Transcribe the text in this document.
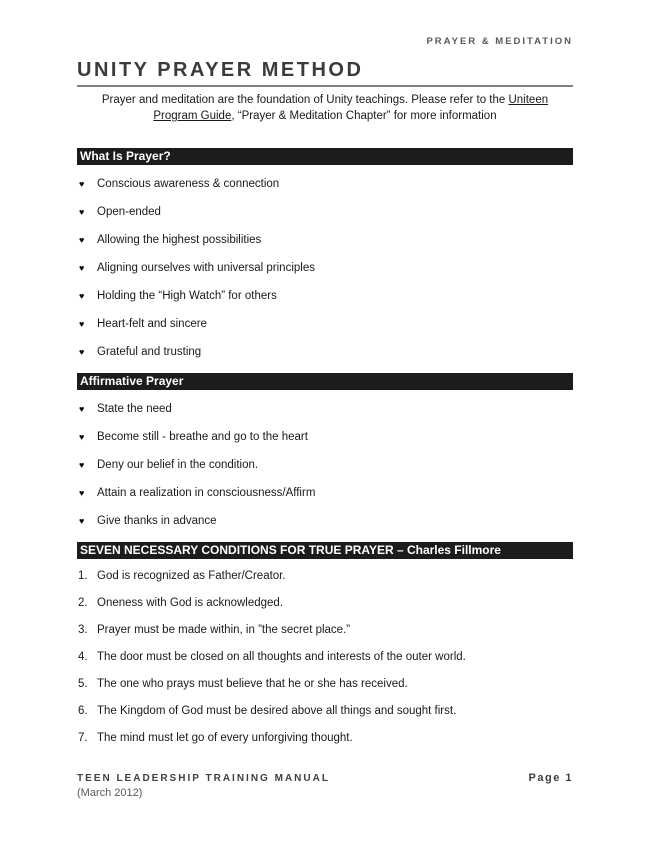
PRAYER & MEDITATION
UNITY PRAYER METHOD

Prayer and meditation are the foundation of Unity teachings. Please refer to the Uniteen Program Guide, “Prayer & Meditation Chapter” for more information

What Is Prayer?
♥	Conscious awareness & connection
♥	Open-ended
♥	Allowing the highest possibilities
♥	Aligning ourselves with universal principles
♥	Holding the “High Watch” for others
♥	Heart-felt and sincere
♥	Grateful and trusting
Affirmative Prayer
♥	State the need
♥	Become still - breathe and go to the heart
♥	Deny our belief in the condition.
♥	Attain a realization in consciousness/Affirm
♥	Give thanks in advance
SEVEN NECESSARY CONDITIONS FOR TRUE PRAYER – Charles Fillmore
1. God is recognized as Father/Creator.
2. Oneness with God is acknowledged.
3. Prayer must be made within, in ”the secret place.”
4. The door must be closed on all thoughts and interests of the outer world.
5. The one who prays must believe that he or she has received.
6. The Kingdom of God must be desired above all things and sought first.
7. The mind must let go of every unforgiving thought.
TEEN LEADERSHIP TRAINING MANUAL	Page 1
(March 2012)
